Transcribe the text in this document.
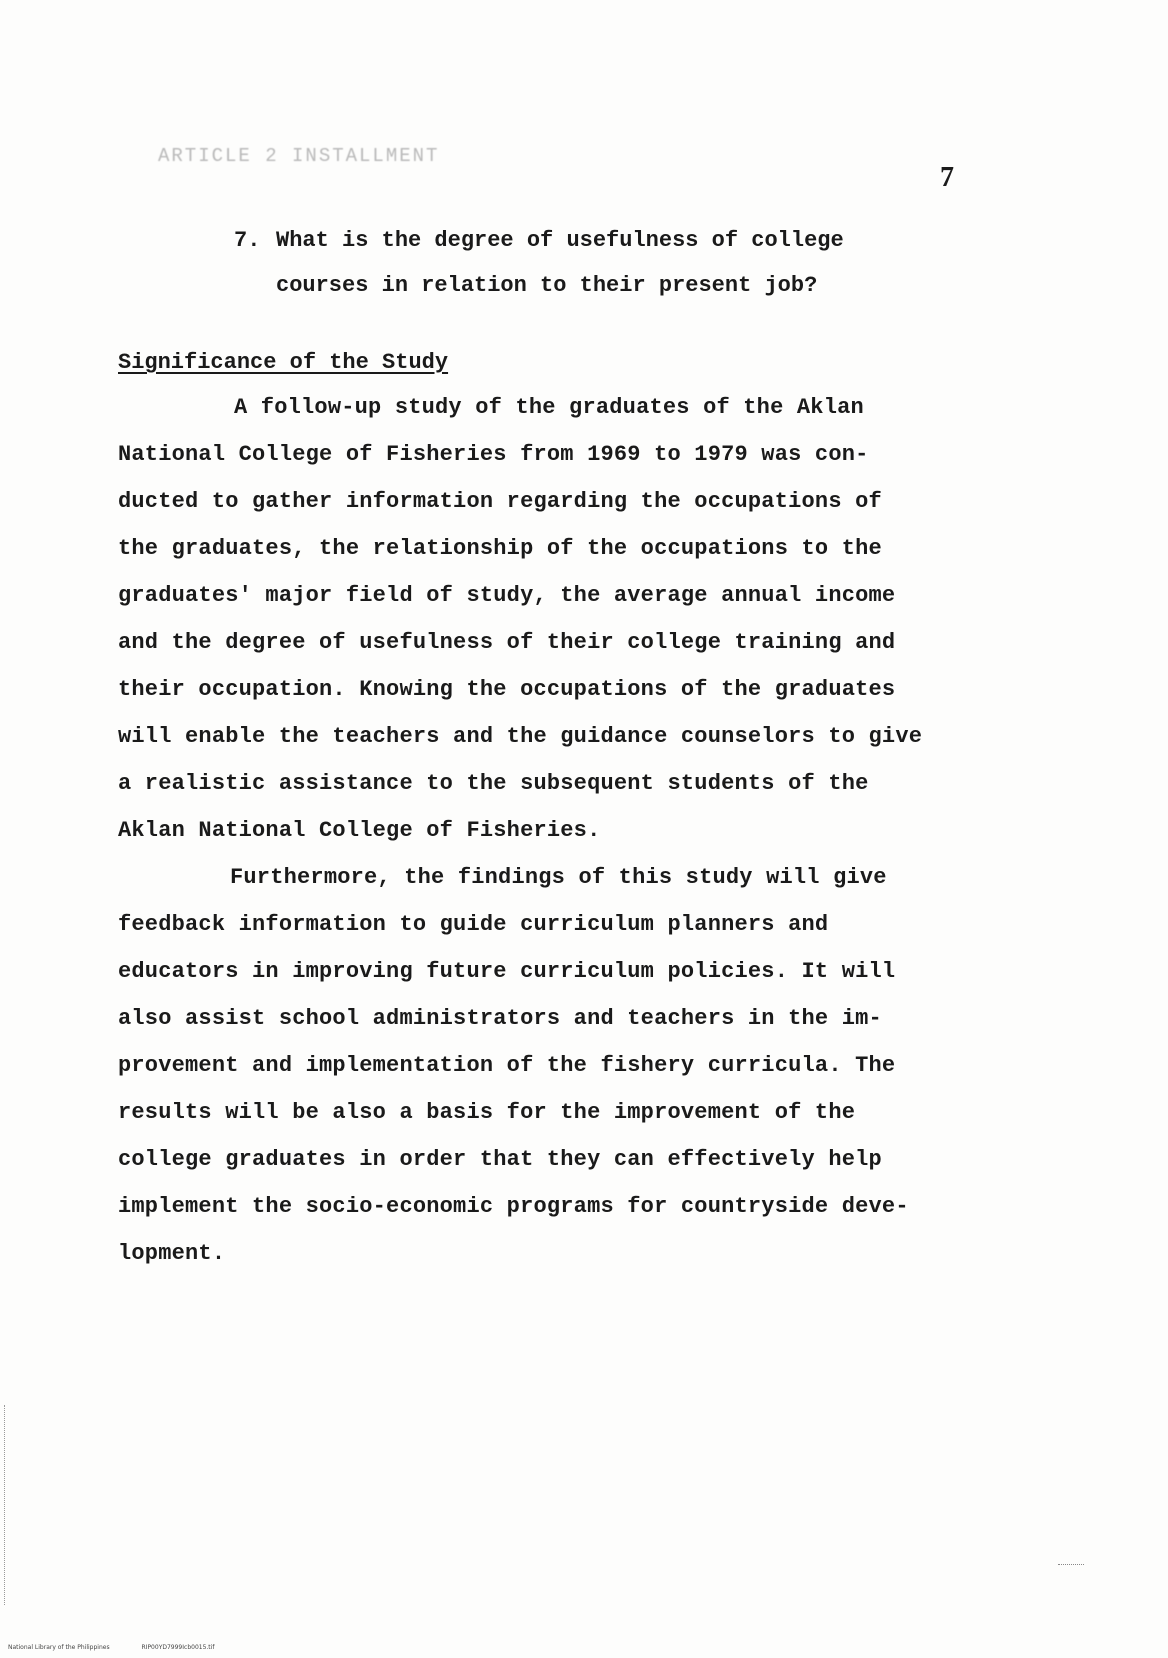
ARTICLE 2 INSTALLMENT
7
7. What is the degree of usefulness of college
courses in relation to their present job?
Significance of the Study
A follow-up study of the graduates of the Aklan
National College of Fisheries from 1969 to 1979 was con-
ducted to gather information regarding the occupations of
the graduates, the relationship of the occupations to the
graduates' major field of study, the average annual income
and the degree of usefulness of their college training and
their occupation. Knowing the occupations of the graduates
will enable the teachers and the guidance counselors to give
a realistic assistance to the subsequent students of the
Aklan National College of Fisheries.
Furthermore, the findings of this study will give
feedback information to guide curriculum planners and
educators in improving future curriculum policies. It will
also assist school administrators and teachers in the im-
provement and implementation of the fishery curricula. The
results will be also a basis for the improvement of the
college graduates in order that they can effectively help
implement the socio-economic programs for countryside deve-
lopment.
National Library of the Philippines	RIP00YD7999Icb0015.tif
